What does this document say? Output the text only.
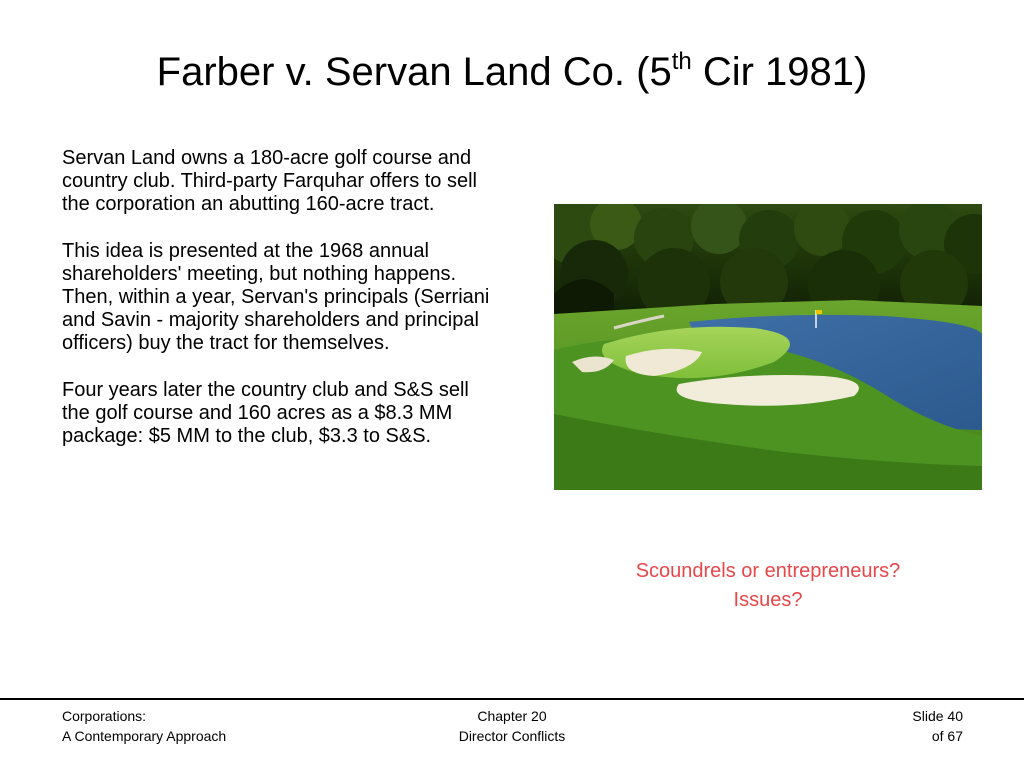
Farber v. Servan Land Co. (5th Cir 1981)

Servan Land owns a 180-acre golf course and country club. Third-party Farquhar offers to sell the corporation an abutting 160-acre tract.

This idea is presented at the 1968 annual shareholders' meeting, but nothing happens. Then, within a year, Servan's principals (Serriani and Savin - majority shareholders and principal officers) buy the tract for themselves.

Four years later the country club and S&S sell the golf course and 160 acres as a $8.3 MM package: $5 MM to the club, $3.3 to S&S.

Scoundrels or entrepreneurs?
Issues?
Corporations:
A Contemporary Approach
Chapter 20
Director Conflicts
Slide 40
of 67
